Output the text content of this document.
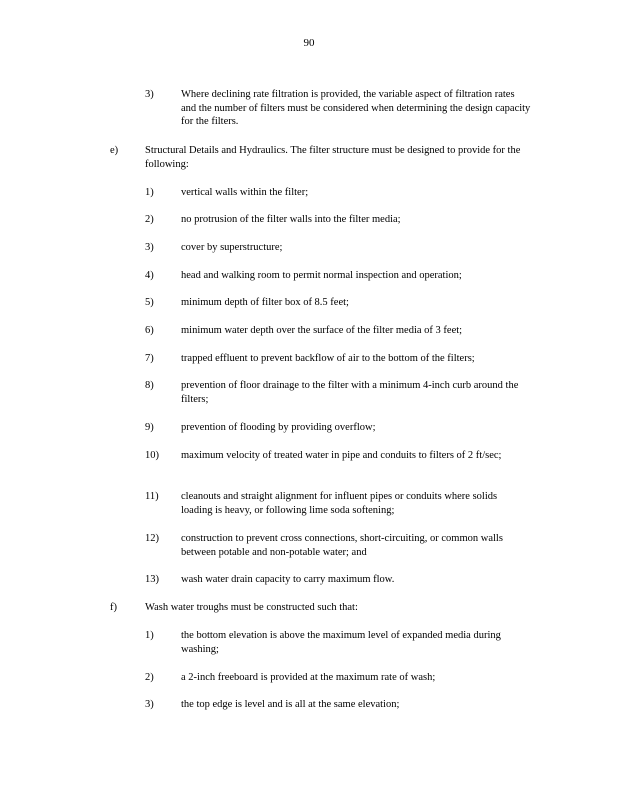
90
3)	Where declining rate filtration is provided, the variable aspect of filtration rates and the number of filters must be considered when determining the design capacity for the filters.
e)	Structural Details and Hydraulics. The filter structure must be designed to provide for the following:
1)	vertical walls within the filter;
2)	no protrusion of the filter walls into the filter media;
3)	cover by superstructure;
4)	head and walking room to permit normal inspection and operation;
5)	minimum depth of filter box of 8.5 feet;
6)	minimum water depth over the surface of the filter media of 3 feet;
7)	trapped effluent to prevent backflow of air to the bottom of the filters;
8)	prevention of floor drainage to the filter with a minimum 4-inch curb around the filters;
9)	prevention of flooding by providing overflow;
10) maximum velocity of treated water in pipe and conduits to filters of 2 ft/sec;
11) cleanouts and straight alignment for influent pipes or conduits where solids loading is heavy, or following lime soda softening;
12) construction to prevent cross connections, short-circuiting, or common walls between potable and non-potable water; and
13) wash water drain capacity to carry maximum flow.
f)	Wash water troughs must be constructed such that:
1)	the bottom elevation is above the maximum level of expanded media during washing;
2)	a 2-inch freeboard is provided at the maximum rate of wash;
3)	the top edge is level and is all at the same elevation;
